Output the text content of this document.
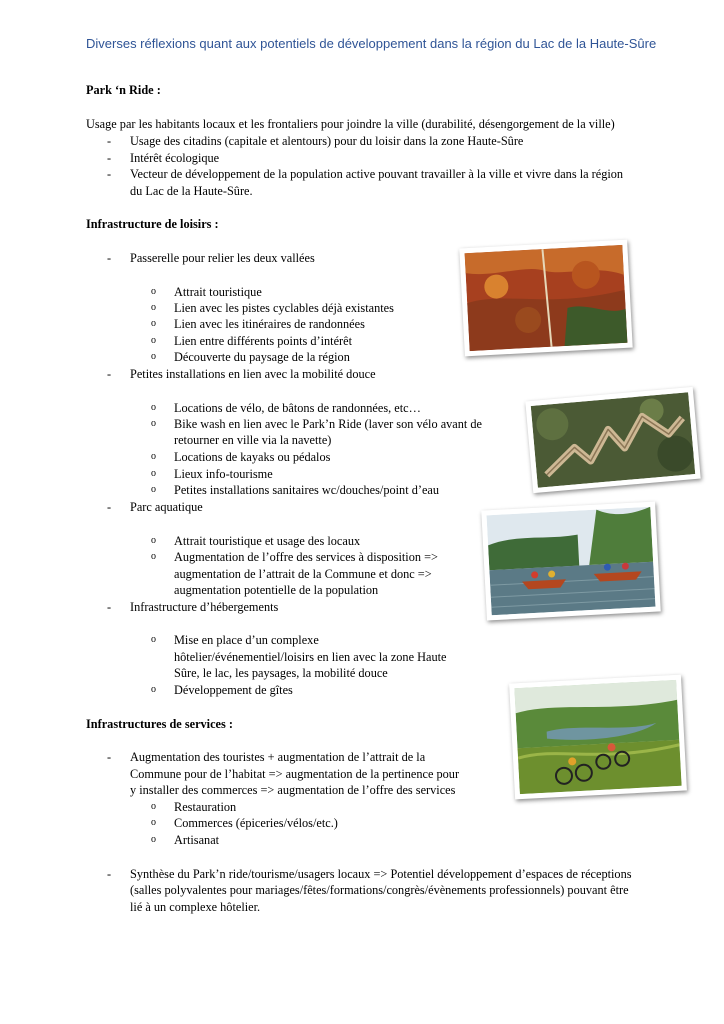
Diverses réflexions quant aux potentiels de développement dans la région du Lac de la Haute-Sûre
Park ‘n Ride :
Usage par les habitants locaux et les frontaliers pour joindre la ville (durabilité, désengorgement de la ville)
-	Usage des citadins (capitale et alentours) pour du loisir dans la zone Haute-Sûre
-	Intérêt écologique
-	Vecteur de développement de la population active pouvant travailler à la ville et vivre dans la région
du Lac de la Haute-Sûre.
Infrastructure de loisirs :
-	Passerelle pour relier les deux vallées
o Attrait touristique
o Lien avec les pistes cyclables déjà existantes
o Lien avec les itinéraires de randonnées
o Lien entre différents points d’intérêt
o Découverte du paysage de la région
-	Petites installations en lien avec la mobilité douce
o Locations de vélo, de bâtons de randonnées, etc…
o Bike wash en lien avec le Park’n Ride (laver son vélo avant de
retourner en ville via la navette)
o Locations de kayaks ou pédalos
o Lieux info-tourisme
o Petites installations sanitaires wc/douches/point d’eau
-	Parc aquatique
o Attrait touristique et usage des locaux
o Augmentation de l’offre des services à disposition =>
augmentation de l’attrait de la Commune et donc =>
augmentation potentielle de la population
-	Infrastructure d’hébergements
o Mise en place d’un complexe
hôtelier/événementiel/loisirs en lien avec la zone Haute
Sûre, le lac, les paysages, la mobilité douce
o Développement de gîtes
Infrastructures de services :
-	Augmentation des touristes + augmentation de l’attrait de la
Commune pour de l’habitat => augmentation de la pertinence pour
y installer des commerces => augmentation de l’offre des services
o Restauration
o Commerces (épiceries/vélos/etc.)
o Artisanat
-	Synthèse du Park’n ride/tourisme/usagers locaux => Potentiel développement d’espaces de réceptions
(salles polyvalentes pour mariages/fêtes/formations/congrès/évènements professionnels) pouvant être
lié à un complexe hôtelier.
